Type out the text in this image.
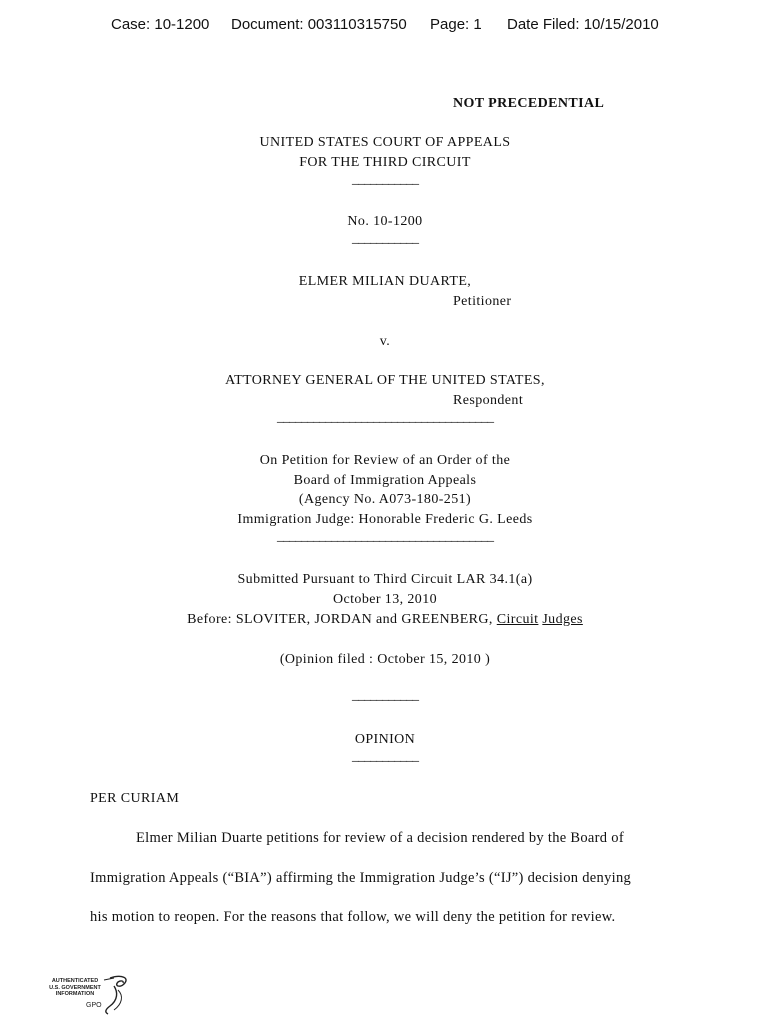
Case: 10-1200 Document: 003110315750 Page: 1 Date Filed: 10/15/2010
NOT PRECEDENTIAL
UNITED STATES COURT OF APPEALS
FOR THE THIRD CIRCUIT
___________
No. 10-1200
___________
ELMER MILIAN DUARTE,
Petitioner
v.
ATTORNEY GENERAL OF THE UNITED STATES,
Respondent
____________________________________
On Petition for Review of an Order of the
Board of Immigration Appeals
(Agency No. A073-180-251)
Immigration Judge: Honorable Frederic G. Leeds
____________________________________
Submitted Pursuant to Third Circuit LAR 34.1(a)
October 13, 2010
Before: SLOVITER, JORDAN and GREENBERG, Circuit Judges
(Opinion filed : October 15, 2010 )
___________
OPINION
___________
PER CURIAM
Elmer Milian Duarte petitions for review of a decision rendered by the Board of
Immigration Appeals (“BIA”) affirming the Immigration Judge’s (“IJ”) decision denying
his motion to reopen. For the reasons that follow, we will deny the petition for review.
AUTHENTICATED
U.S. GOVERNMENT
INFORMATION
GPO
